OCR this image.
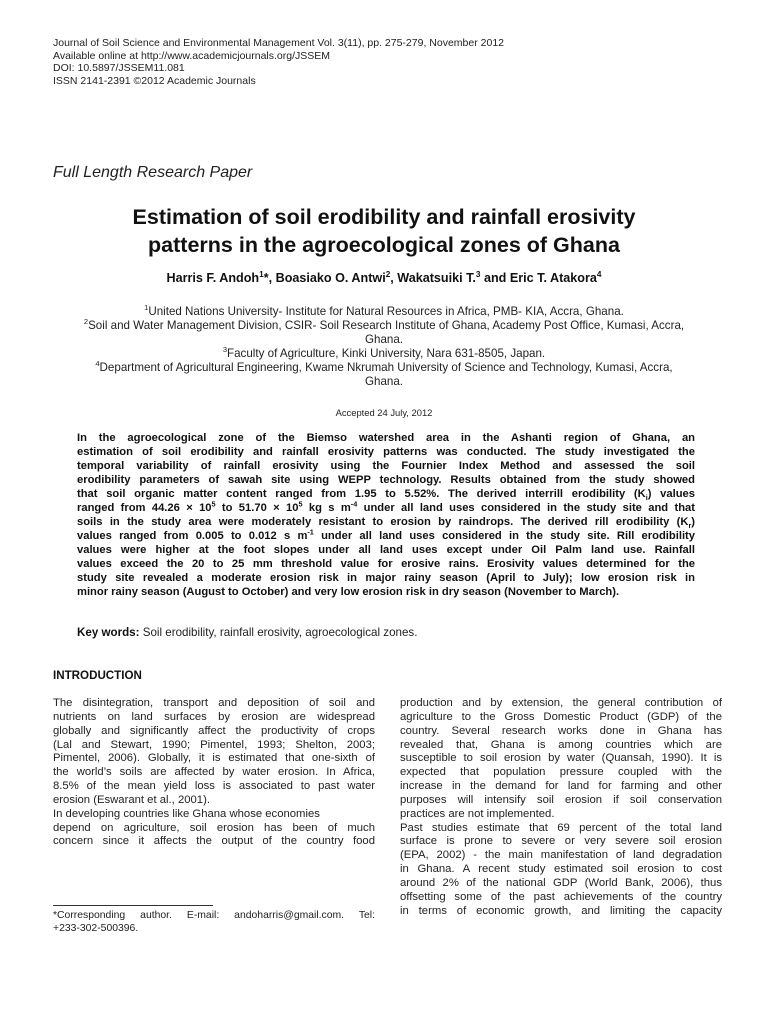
Journal of Soil Science and Environmental Management Vol. 3(11), pp. 275-279, November 2012
Available online at http://www.academicjournals.org/JSSEM
DOI: 10.5897/JSSEM11.081
ISSN 2141-2391 ©2012 Academic Journals
Full Length Research Paper
Estimation of soil erodibility and rainfall erosivity
patterns in the agroecological zones of Ghana
Harris F. Andoh$^1$*, Boasiako O. Antwi$^2$, Wakatsuiki T.$^3$ and Eric T. Atakora$^4$
$^1$United Nations University- Institute for Natural Resources in Africa, PMB- KIA, Accra, Ghana.
$^2$Soil and Water Management Division, CSIR- Soil Research Institute of Ghana, Academy Post Office, Kumasi, Accra,
Ghana.
$^3$Faculty of Agriculture, Kinki University, Nara 631-8505, Japan.
$^4$Department of Agricultural Engineering, Kwame Nkrumah University of Science and Technology, Kumasi, Accra,
Ghana.
Accepted 24 July, 2012
In the agroecological zone of the Biemso watershed area in the Ashanti region of Ghana, an
estimation of soil erodibility and rainfall erosivity patterns was conducted. The study investigated the
temporal variability of rainfall erosivity using the Fournier Index Method and assessed the soil
erodibility parameters of sawah site using WEPP technology. Results obtained from the study showed
that soil organic matter content ranged from 1.95 to 5.52%. The derived interrill erodibility $(K_i)$ values
ranged from $44.26 \times 10^5$ to $51.70 \times 10^5$ kg s $m^{-4}$ under all land uses considered in the study site and that
soils in the study area were moderately resistant to erosion by raindrops. The derived rill erodibility $(K_r)$
values ranged from 0.005 to 0.012 s $m^{-1}$ under all land uses considered in the study site. Rill erodibility
values were higher at the foot slopes under all land uses except under Oil Palm land use. Rainfall
values exceed the 20 to 25 mm threshold value for erosive rains. Erosivity values determined for the
study site revealed a moderate erosion risk in major rainy season (April to July); low erosion risk in
minor rainy season (August to October) and very low erosion risk in dry season (November to March).
Key words: Soil erodibility, rainfall erosivity, agroecological zones.
INTRODUCTION
The disintegration, transport and deposition of soil and
nutrients on land surfaces by erosion are widespread
globally and significantly affect the productivity of crops
(Lal and Stewart, 1990; Pimentel, 1993; Shelton, 2003;
Pimentel, 2006). Globally, it is estimated that one-sixth of
the world’s soils are affected by water erosion. In Africa,
8.5% of the mean yield loss is associated to past water
erosion (Eswarant et al., 2001).
In developing countries like Ghana whose economies
depend on agriculture, soil erosion has been of much
concern since it affects the output of the country food
production and by extension, the general contribution of
agriculture to the Gross Domestic Product (GDP) of the
country. Several research works done in Ghana has
revealed that, Ghana is among countries which are
susceptible to soil erosion by water (Quansah, 1990). It is
expected that population pressure coupled with the
increase in the demand for land for farming and other
purposes will intensify soil erosion if soil conservation
practices are not implemented.
Past studies estimate that 69 percent of the total land
surface is prone to severe or very severe soil erosion
(EPA, 2002) - the main manifestation of land degradation
in Ghana. A recent study estimated soil erosion to cost
around 2% of the national GDP (World Bank, 2006), thus
offsetting some of the past achievements of the country
in terms of economic growth, and limiting the capacity
*Corresponding author. E-mail: andoharris@gmail.com. Tel:
+233-302-500396.
